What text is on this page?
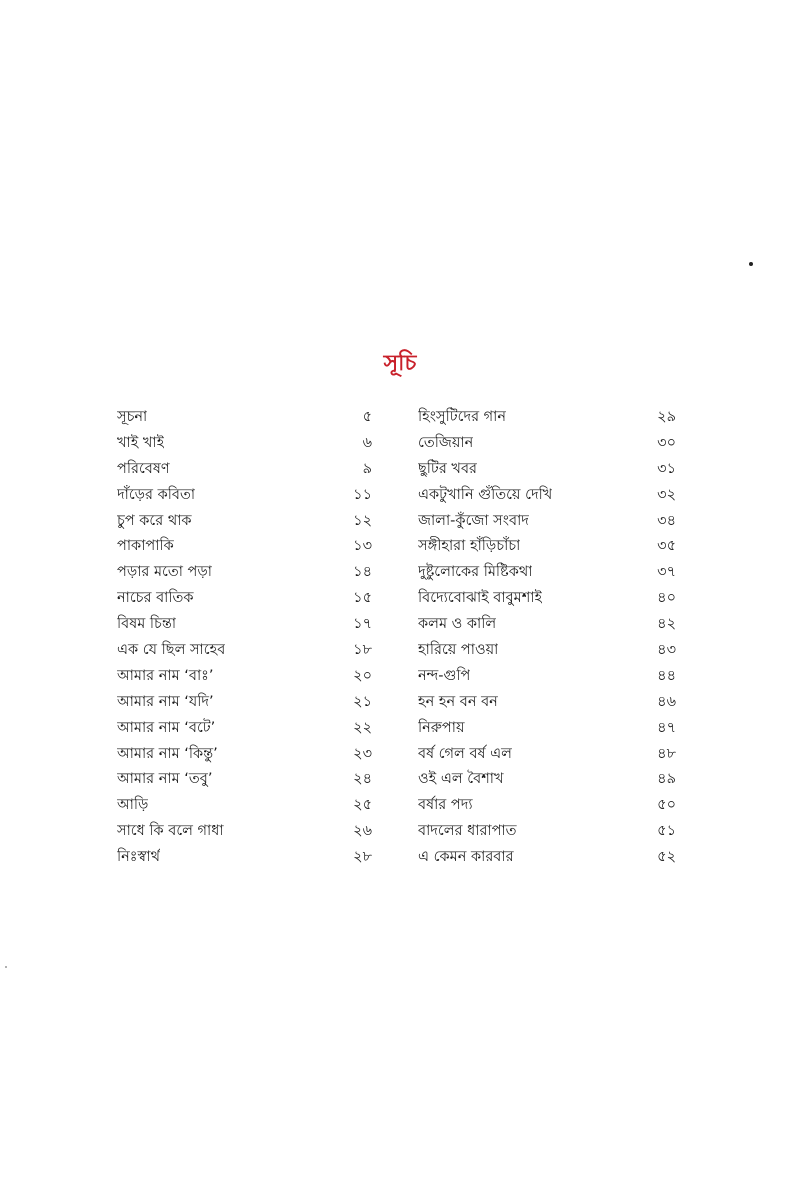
সূচি
সূচনা	৫
খাই খাই	৬
পরিবেষণ	৯
দাঁড়ের কবিতা	১১
চুপ করে থাক	১২
পাকাপাকি	১৩
পড়ার মতো পড়া	১৪
নাচের বাতিক	১৫
বিষম চিন্তা	১৭
এক যে ছিল সাহেব	১৮
আমার নাম ‘বাঃ’	২০
আমার নাম ‘যদি’	২১
আমার নাম ‘বটে’	২২
আমার নাম ‘কিন্তু’	২৩
আমার নাম ‘তবু’	২৪
আড়ি	২৫
সাধে কি বলে গাধা	২৬
নিঃস্বার্থ	২৮
হিংসুটিদের গান	২৯
তেজিয়ান	৩০
ছুটির খবর	৩১
একটুখানি গুঁতিয়ে দেখি	৩২
জালা-কুঁজো সংবাদ	৩৪
সঙ্গীহারা হাঁড়িচাঁচা	৩৫
দুষ্টুলোকের মিষ্টিকথা	৩৭
বিদ্যেবোঝাই বাবুমশাই	৪০
কলম ও কালি	৪২
হারিয়ে পাওয়া	৪৩
নন্দ-গুপি	৪৪
হন হন বন বন	৪৬
নিরুপায়	৪৭
বর্ষ গেল বর্ষ এল	৪৮
ওই এল বৈশাখ	৪৯
বর্ষার পদ্য	৫০
বাদলের ধারাপাত	৫১
এ কেমন কারবার	৫২
